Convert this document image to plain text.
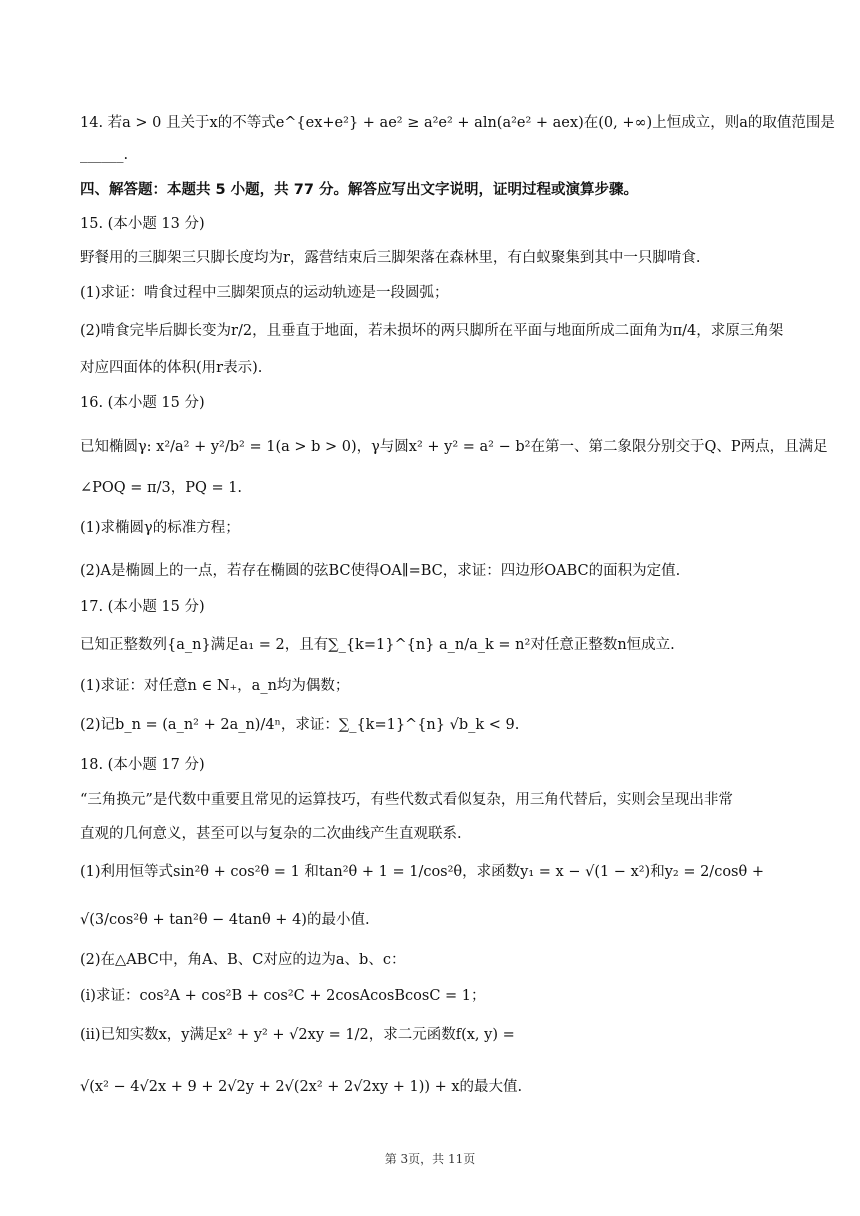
14. 若a > 0 且关于x的不等式e^{ex+e²} + ae² ≥ a²e² + aln(a²e² + aex)在(0, +∞)上恒成立，则a的取值范围是
______.
四、解答题：本题共 5 小题，共 77 分。解答应写出文字说明，证明过程或演算步骤。
15. (本小题 13 分)
野餐用的三脚架三只脚长度均为r，露营结束后三脚架落在森林里，有白蚁聚集到其中一只脚啃食.
(1)求证：啃食过程中三脚架顶点的运动轨迹是一段圆弧；
(2)啃食完毕后脚长变为r/2，且垂直于地面，若未损坏的两只脚所在平面与地面所成二面角为π/4，求原三角架
对应四面体的体积(用r表示).
16. (本小题 15 分)
已知椭圆γ: x²/a² + y²/b² = 1(a > b > 0)，γ与圆x² + y² = a² − b²在第一、第二象限分别交于Q、P两点，且满足
∠POQ = π/3，PQ = 1.
(1)求椭圆γ的标准方程；
(2)A是椭圆上的一点，若存在椭圆的弦BC使得OA∥=BC，求证：四边形OABC的面积为定值.
17. (本小题 15 分)
已知正整数列{a_n}满足a₁ = 2，且有∑_{k=1}^{n} a_n/a_k = n²对任意正整数n恒成立.
(1)求证：对任意n ∈ N₊，a_n均为偶数；
(2)记b_n = (a_n² + 2a_n)/4ⁿ，求证：∑_{k=1}^{n} √b_k < 9.
18. (本小题 17 分)
“三角换元”是代数中重要且常见的运算技巧，有些代数式看似复杂，用三角代替后，实则会呈现出非常
直观的几何意义，甚至可以与复杂的二次曲线产生直观联系.
(1)利用恒等式sin²θ + cos²θ = 1 和tan²θ + 1 = 1/cos²θ，求函数y₁ = x − √(1 − x²)和y₂ = 2/cosθ +
√(3/cos²θ + tan²θ − 4tanθ + 4)的最小值.
(2)在△ABC中，角A、B、C对应的边为a、b、c：
(i)求证：cos²A + cos²B + cos²C + 2cosAcosBcosC = 1；
(ii)已知实数x，y满足x² + y² + √2xy = 1/2，求二元函数f(x, y) =
√(x² − 4√2x + 9 + 2√2y + 2√(2x² + 2√2xy + 1)) + x的最大值.
第 3页，共 11页
